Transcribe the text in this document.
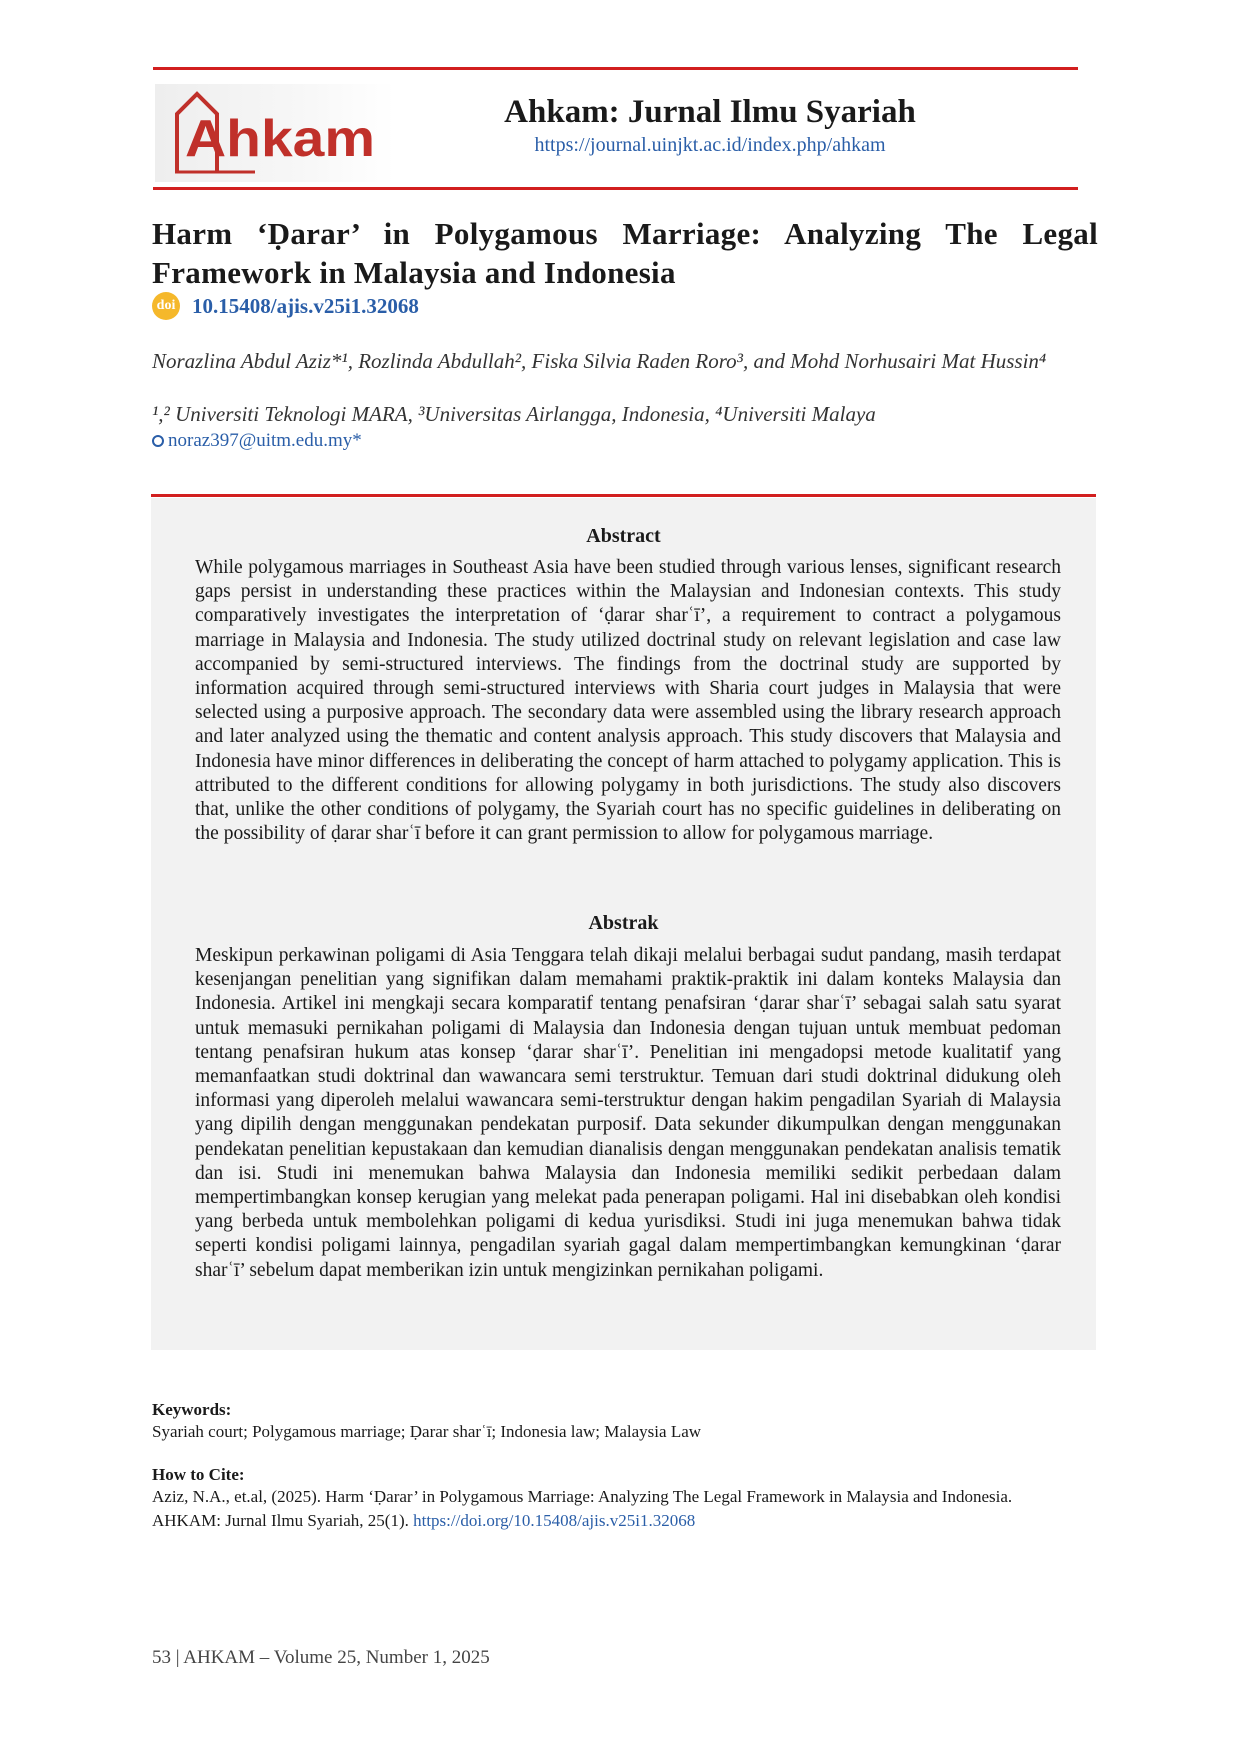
Ahkam	Ahkam: Jurnal Ilmu Syariah
https://journal.uinjkt.ac.id/index.php/ahkam
Harm ‘Ḍarar’ in Polygamous Marriage: Analyzing The Legal Framework in Malaysia and Indonesia
doi 10.15408/ajis.v25i1.32068
Norazlina Abdul Aziz*¹, Rozlinda Abdullah², Fiska Silvia Raden Roro³, and Mohd Norhusairi Mat Hussin⁴
¹,² Universiti Teknologi MARA, ³Universitas Airlangga, Indonesia, ⁴Universiti Malaya
noraz397@uitm.edu.my*
Abstract
While polygamous marriages in Southeast Asia have been studied through various lenses, significant research gaps persist in understanding these practices within the Malaysian and Indonesian contexts. This study comparatively investigates the interpretation of ‘ḍarar sharʿī’, a requirement to contract a polygamous marriage in Malaysia and Indonesia. The study utilized doctrinal study on relevant legislation and case law accompanied by semi-structured interviews. The findings from the doctrinal study are supported by information acquired through semi-structured interviews with Sharia court judges in Malaysia that were selected using a purposive approach. The secondary data were assembled using the library research approach and later analyzed using the thematic and content analysis approach. This study discovers that Malaysia and Indonesia have minor differences in deliberating the concept of harm attached to polygamy application. This is attributed to the different conditions for allowing polygamy in both jurisdictions. The study also discovers that, unlike the other conditions of polygamy, the Syariah court has no specific guidelines in deliberating on the possibility of ḍarar sharʿī before it can grant permission to allow for polygamous marriage.
Abstrak
Meskipun perkawinan poligami di Asia Tenggara telah dikaji melalui berbagai sudut pandang, masih terdapat kesenjangan penelitian yang signifikan dalam memahami praktik-praktik ini dalam konteks Malaysia dan Indonesia. Artikel ini mengkaji secara komparatif tentang penafsiran ‘ḍarar sharʿī’ sebagai salah satu syarat untuk memasuki pernikahan poligami di Malaysia dan Indonesia dengan tujuan untuk membuat pedoman tentang penafsiran hukum atas konsep ‘ḍarar sharʿī’. Penelitian ini mengadopsi metode kualitatif yang memanfaatkan studi doktrinal dan wawancara semi terstruktur. Temuan dari studi doktrinal didukung oleh informasi yang diperoleh melalui wawancara semi-terstruktur dengan hakim pengadilan Syariah di Malaysia yang dipilih dengan menggunakan pendekatan purposif. Data sekunder dikumpulkan dengan menggunakan pendekatan penelitian kepustakaan dan kemudian dianalisis dengan menggunakan pendekatan analisis tematik dan isi. Studi ini menemukan bahwa Malaysia dan Indonesia memiliki sedikit perbedaan dalam mempertimbangkan konsep kerugian yang melekat pada penerapan poligami. Hal ini disebabkan oleh kondisi yang berbeda untuk membolehkan poligami di kedua yurisdiksi. Studi ini juga menemukan bahwa tidak seperti kondisi poligami lainnya, pengadilan syariah gagal dalam mempertimbangkan kemungkinan ‘ḍarar sharʿī’ sebelum dapat memberikan izin untuk mengizinkan pernikahan poligami.
Keywords:
Syariah court; Polygamous marriage; Ḍarar sharʿī; Indonesia law; Malaysia Law
How to Cite:
Aziz, N.A., et.al, (2025). Harm ‘Ḍarar’ in Polygamous Marriage: Analyzing The Legal Framework in Malaysia and Indonesia.
AHKAM: Jurnal Ilmu Syariah, 25(1). https://doi.org/10.15408/ajis.v25i1.32068
53 | AHKAM – Volume 25, Number 1, 2025
